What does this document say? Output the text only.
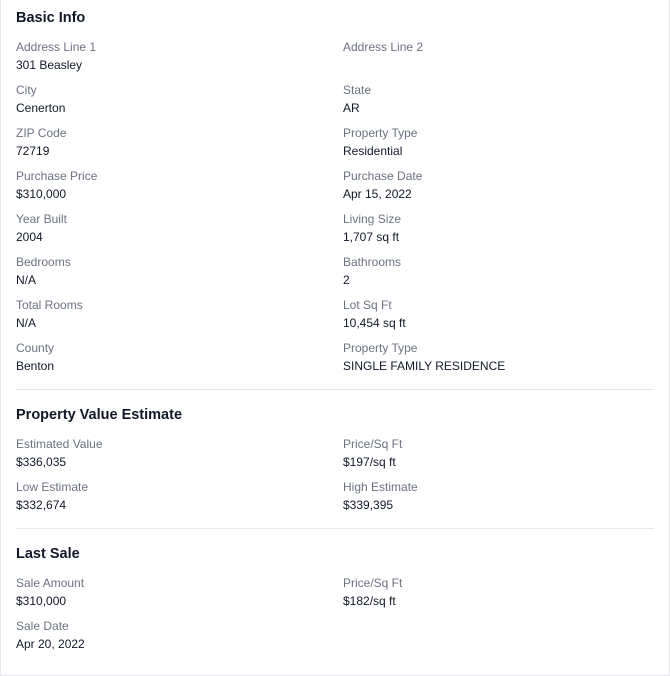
Basic Info
Address Line 1
301 Beasley
Address Line 2
City
Cenerton
State
AR
ZIP Code
72719
Property Type
Residential
Purchase Price
$310,000
Purchase Date
Apr 15, 2022
Year Built
2004
Living Size
1,707 sq ft
Bedrooms
N/A
Bathrooms
2
Total Rooms
N/A
Lot Sq Ft
10,454 sq ft
County
Benton
Property Type
SINGLE FAMILY RESIDENCE
Property Value Estimate
Estimated Value
$336,035
Price/Sq Ft
$197/sq ft
Low Estimate
$332,674
High Estimate
$339,395
Last Sale
Sale Amount
$310,000
Price/Sq Ft
$182/sq ft
Sale Date
Apr 20, 2022
